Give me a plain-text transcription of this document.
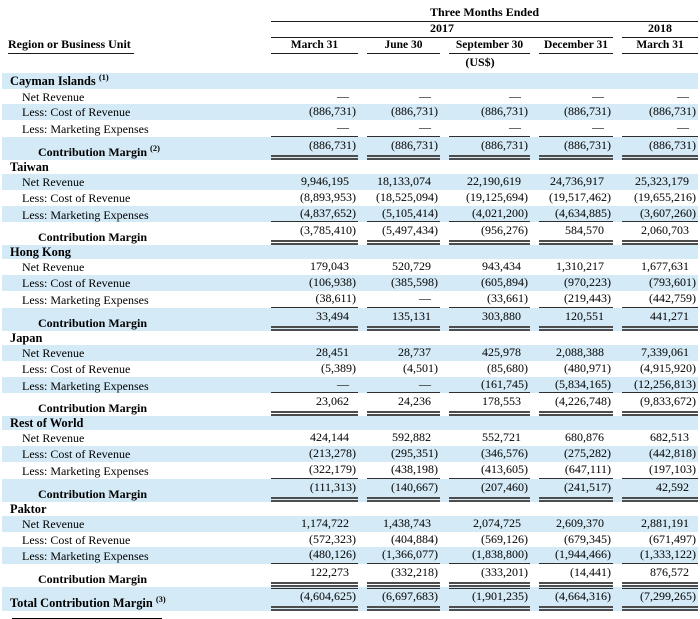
	Three Months Ended				

	2017				2018

Region or Business Unit	March 31	June 30	September 30	December 31	March 31

	(US$)				
Cayman Islands $^{(1)}$					
Net Revenue	—	—	—	—	—

Less: Cost of Revenue	(886,731)	(886,731)	(886,731)	(886,731)	(886,731)

Less: Marketing Expenses	—	—	—	—	—

Contribution Margin $^{(2)}$	(886,731)	(886,731)	(886,731)	(886,731)	(886,731)

Taiwan					
Net Revenue	9,946,195	18,133,074	22,190,619	24,736,917	25,323,179

Less: Cost of Revenue	(8,893,953)	(18,525,094)	(19,125,694)	(19,517,462)	(19,655,216)

Less: Marketing Expenses	(4,837,652)	(5,105,414)	(4,021,200)	(4,634,885)	(3,607,260)

Contribution Margin	(3,785,410)	(5,497,434)	(956,276)	584,570	2,060,703

Hong Kong					
Net Revenue	179,043	520,729	943,434	1,310,217	1,677,631

Less: Cost of Revenue	(106,938)	(385,598)	(605,894)	(970,223)	(793,601)

Less: Marketing Expenses	(38,611)	—	(33,661)	(219,443)	(442,759)

Contribution Margin	33,494	135,131	303,880	120,551	441,271

Japan					
Net Revenue	28,451	28,737	425,978	2,088,388	7,339,061

Less: Cost of Revenue	(5,389)	(4,501)	(85,680)	(480,971)	(4,915,920)

Less: Marketing Expenses	—	—	(161,745)	(5,834,165)	(12,256,813)

Contribution Margin	23,062	24,236	178,553	(4,226,748)	(9,833,672)

Rest of World					
Net Revenue	424,144	592,882	552,721	680,876	682,513

Less: Cost of Revenue	(213,278)	(295,351)	(346,576)	(275,282)	(442,818)

Less: Marketing Expenses	(322,179)	(438,198)	(413,605)	(647,111)	(197,103)

Contribution Margin	(111,313)	(140,667)	(207,460)	(241,517)	42,592

Paktor					
Net Revenue	1,174,722	1,438,743	2,074,725	2,609,370	2,881,191

Less: Cost of Revenue	(572,323)	(404,884)	(569,126)	(679,345)	(671,497)

Less: Marketing Expenses	(480,126)	(1,366,077)	(1,838,800)	(1,944,466)	(1,333,122)

Contribution Margin	122,273	(332,218)	(333,201)	(14,441)	876,572

Total Contribution Margin $^{(3)}$	(4,604,625)	(6,697,683)	(1,901,235)	(4,664,316)	(7,299,265)
